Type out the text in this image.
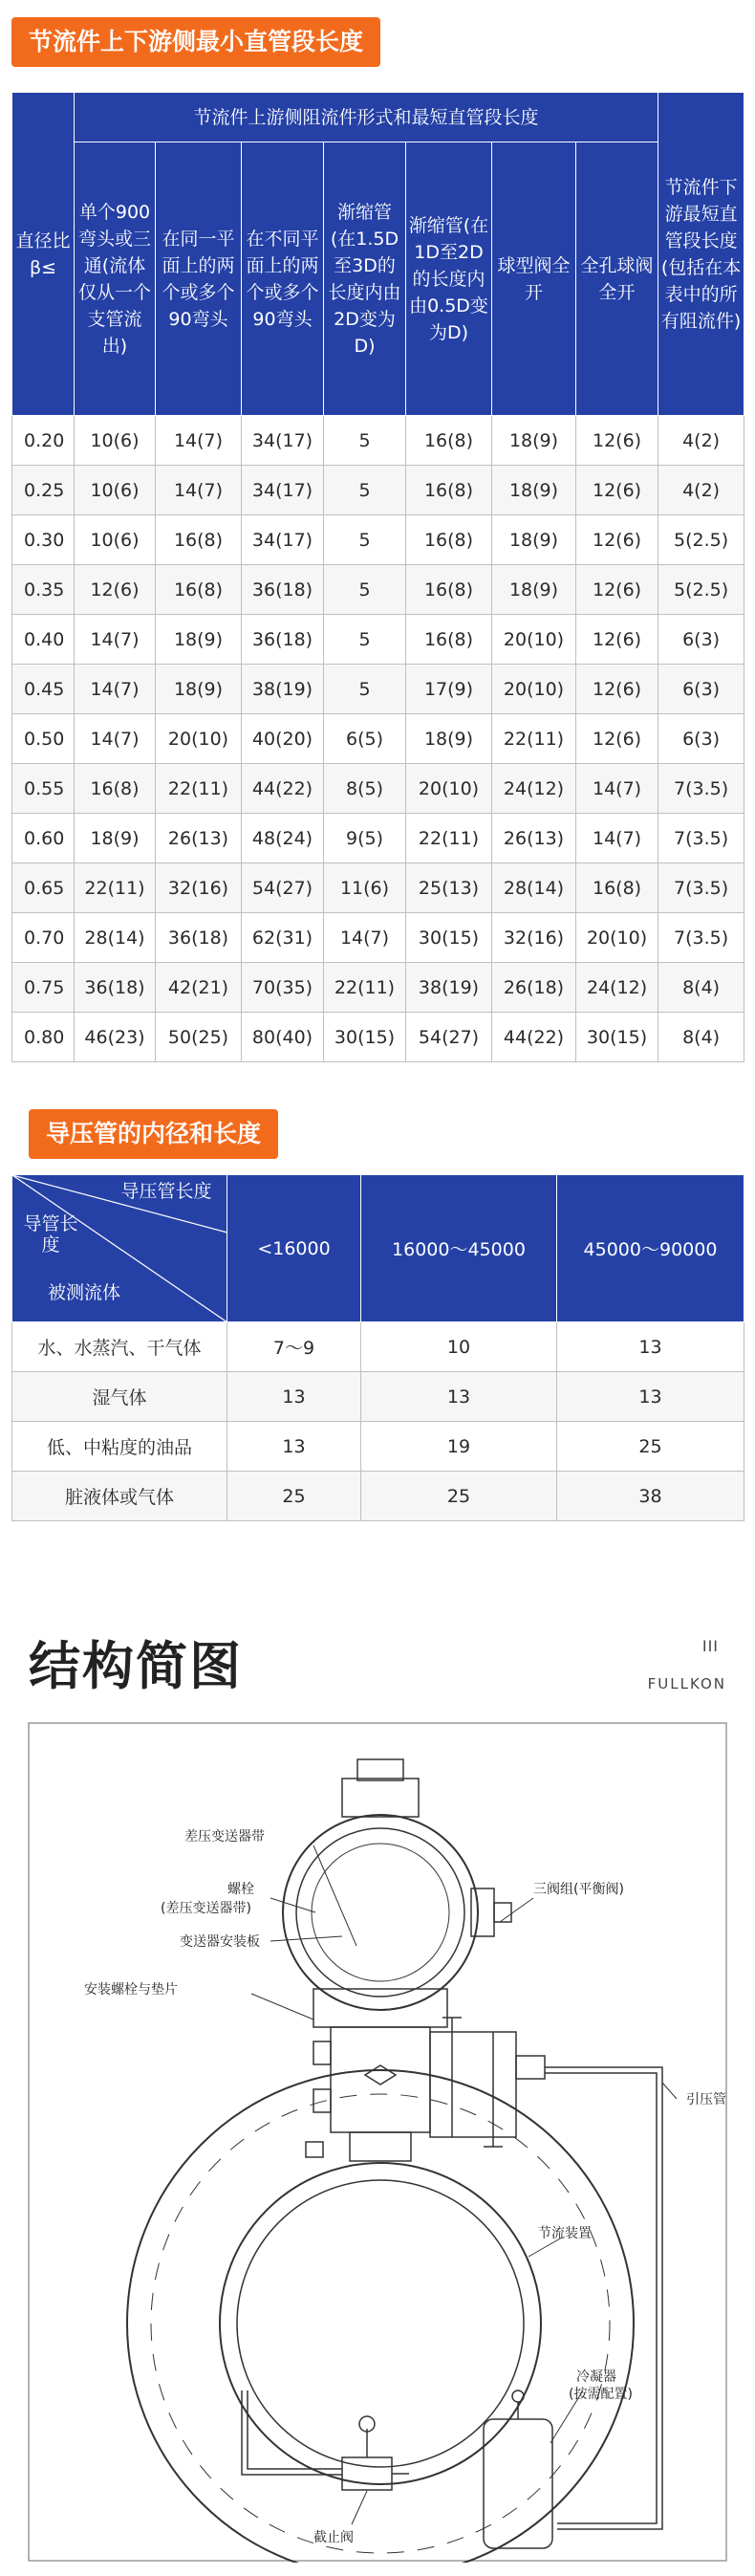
节流件上下游侧最小直管段长度
直径比β≤	节流件上游侧阻流件形式和最短直管段长度							节流件下游最短直管段长度(包括在本表中的所有阻流件)
	单个900弯头或三通(流体仅从一个支管流出)	在同一平面上的两个或多个90弯头	在不同平面上的两个或多个90弯头	渐缩管(在1.5D至3D的长度内由2D变为D)	渐缩管(在1D至2D的长度内由0.5D变为D)	球型阀全开	全孔球阀全开	
0.20	10(6)	14(7)	34(17)	5	16(8)	18(9)	12(6)	4(2)
0.25	10(6)	14(7)	34(17)	5	16(8)	18(9)	12(6)	4(2)
0.30	10(6)	16(8)	34(17)	5	16(8)	18(9)	12(6)	5(2.5)
0.35	12(6)	16(8)	36(18)	5	16(8)	18(9)	12(6)	5(2.5)
0.40	14(7)	18(9)	36(18)	5	16(8)	20(10)	12(6)	6(3)
0.45	14(7)	18(9)	38(19)	5	17(9)	20(10)	12(6)	6(3)
0.50	14(7)	20(10)	40(20)	6(5)	18(9)	22(11)	12(6)	6(3)
0.55	16(8)	22(11)	44(22)	8(5)	20(10)	24(12)	14(7)	7(3.5)
0.60	18(9)	26(13)	48(24)	9(5)	22(11)	26(13)	14(7)	7(3.5)
0.65	22(11)	32(16)	54(27)	11(6)	25(13)	28(14)	16(8)	7(3.5)
0.70	28(14)	36(18)	62(31)	14(7)	30(15)	32(16)	20(10)	7(3.5)
0.75	36(18)	42(21)	70(35)	22(11)	38(19)	26(18)	24(12)	8(4)
0.80	46(23)	50(25)	80(40)	30(15)	54(27)	44(22)	30(15)	8(4)
导压管的内径和长度
导压管长度
导管长度
被测流体	<16000	16000～45000	45000～90000
水、水蒸汽、干气体	7～9	10	13
湿气体	13	13	13
低、中粘度的油品	13	19	25
脏液体或气体	25	25	38
结构简图	III
FULLKON
差压变送器带
螺栓
(差压变送器带)
变送器安装板
安装螺栓与垫片
三阀组(平衡阀)
引压管
节流装置
冷凝器
(按需配置)
截止阀
